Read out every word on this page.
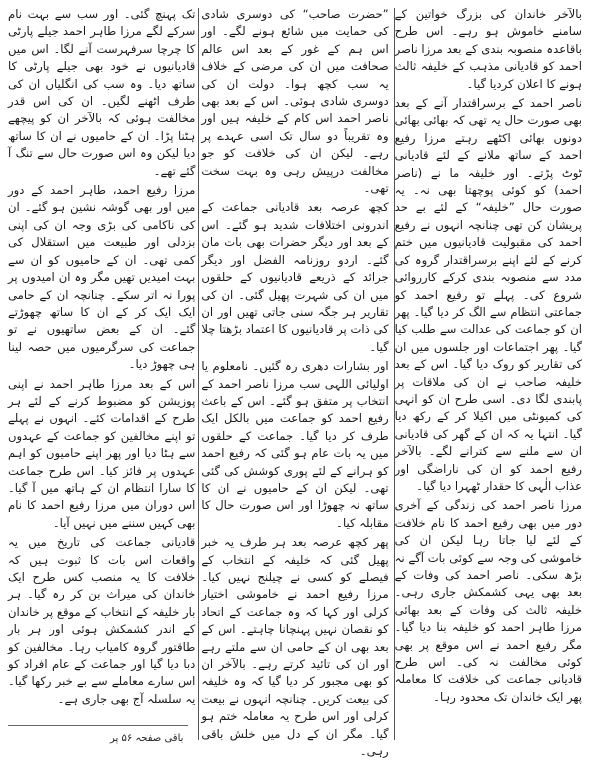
بالآخر خاندان کی بزرگ خواتین کے سامنے خاموش ہو رہے۔ اس طرح باقاعدہ منصوبہ بندی کے بعد مرزا ناصر احمد کو قادیانی مذہب کے خلیفہ ثالث ہونے کا اعلان کردیا گیا۔

ناصر احمد کے برسراقتدار آنے کے بعد بھی صورت حال یہ تھی کہ بھائی بھائی دونوں بھائی اکٹھے رہتے مرزا رفیع احمد کے ساتھ ملانے کے لئے قادیانی ٹوٹ پڑتے۔ اور خلیفہ ما نے (ناصر احمد) کو کوئی پوچھتا بھی نہ۔ یہ صورت حال ”خلیفہ“ کے لئے بے حد پریشان کن تھی چنانچہ انہوں نے رفیع احمد کی مقبولیت قادیانیوں میں ختم کرنے کے لئے اپنے برسراقتدار گروہ کی مدد سے منصوبہ بندی کرکے کارروائی شروع کی۔ پہلے تو رفیع احمد کو جماعتی انتظام سے الگ کر دیا گیا۔ پھر ان کو جماعت کی عدالت سے طلب کیا گیا۔ پھر اجتماعات اور جلسوں میں ان کی تقاریر کو روک دیا گیا۔ اس کے بعد خلیفہ صاحب نے ان کی ملاقات پر پابندی لگا دی۔ اسی طرح ان کو انہی کی کمیونٹی میں اکیلا کر کے رکھ دیا گیا۔ انتہا یہ کہ ان کے گھر کی قادیانی ان سے ملنے سے کترانے لگے۔ بالآخر رفیع احمد کو ان کی ناراضگی اور عذاب الٰہی کا حقدار ٹھہرا دیا گیا۔

مرزا ناصر احمد کی زندگی کے آخری دور میں بھی رفیع احمد کا نام خلافت کے لئے لیا جاتا رہا لیکن ان کی خاموشی کی وجہ سے کوئی بات آگے نہ بڑھ سکی۔ ناصر احمد کی وفات کے بعد بھی یہی کشمکش جاری رہی۔ خلیفہ ثالث کی وفات کے بعد بھائی مرزا طاہر احمد کو خلیفہ بنا دیا گیا۔ مگر رفیع احمد نے اس موقع پر بھی کوئی مخالفت نہ کی۔ اس طرح قادیانی جماعت کی خلافت کا معاملہ پھر ایک خاندان تک محدود رہا۔

”حضرت صاحب“ کی دوسری شادی کی حمایت میں شائع ہونے لگے۔ اور اس ہم کے غور کے بعد اس عالم صحافت میں ان کی مرضی کے خلاف یہ سب کچھ ہوا۔ دولت ان کی دوسری شادی ہوئی۔ اس کے بعد بھی ناصر احمد اس کام کے خلیفہ ہیں اور وہ تقریباً دو سال تک اسی عہدے پر رہے۔ لیکن ان کی خلافت کو جو مخالفت درپیش رہی وہ بہت سخت تھی۔

کچھ عرصہ بعد قادیانی جماعت کے اندرونی اختلافات شدید ہو گئے۔ اس کے بعد اور دیگر حضرات بھی بات مان گئے۔ اردو روزنامہ الفضل اور دیگر جرائد کے ذریعے قادیانیوں کے حلقوں میں ان کی شہرت پھیل گئی۔ ان کی تقاریر ہر جگہ سنی جاتی تھیں اور ان کی ذات پر قادیانیوں کا اعتماد بڑھتا چلا گیا۔

اور بشارات دھری رہ گئیں۔ نامعلوم یا اولیائی اللہی سب مرزا ناصر احمد کے انتخاب پر متفق ہو گئے۔ اس کے باعث رفیع احمد کو جماعت میں بالکل ایک طرف کر دیا گیا۔ جماعت کے حلقوں میں یہ بات عام ہو گئی کہ رفیع احمد کو ہرانے کے لئے پوری کوشش کی گئی تھی۔ لیکن ان کے حامیوں نے ان کا ساتھ نہ چھوڑا اور اس صورت حال کا مقابلہ کیا۔

پھر کچھ عرصہ بعد ہر طرف یہ خبر پھیل گئی کہ خلیفہ کے انتخاب کے فیصلے کو کسی نے چیلنج نہیں کیا۔ مرزا رفیع احمد نے خاموشی اختیار کرلی اور کہا کہ وہ جماعت کے اتحاد کو نقصان نہیں پہنچانا چاہتے۔ اس کے بعد بھی ان کے حامی ان سے ملتے رہے اور ان کی تائید کرتے رہے۔ بالآخر ان کو بھی مجبور کر دیا گیا کہ وہ خلیفہ کی بیعت کریں۔ چنانچہ انہوں نے بیعت کرلی اور اس طرح یہ معاملہ ختم ہو گیا۔ مگر ان کے دل میں خلش باقی رہی۔

تک پہنچ گئی۔ اور سب سے بہت نام سرکے لگے مرزا طاہر احمد جیلے پارٹی کا چرچا سرفہرست آنے لگا۔ اس میں قادیانیوں نے خود بھی جیلے پارٹی کا ساتھ دیا۔ وہ سب کی انگلیاں ان کی طرف اٹھنے لگیں۔ ان کی اس قدر مخالفت ہوئی کہ بالآخر ان کو پیچھے ہٹنا پڑا۔ ان کے حامیوں نے ان کا ساتھ دیا لیکن وہ اس صورت حال سے تنگ آ گئے تھے۔

مرزا رفیع احمد، طاہر احمد کے دور میں اور بھی گوشہ نشین ہو گئے۔ ان کی ناکامی کی بڑی وجہ ان کی اپنی بزدلی اور طبیعت میں استقلال کی کمی تھی۔ ان کے حامیوں کو ان سے بہت امیدیں تھیں مگر وہ ان امیدوں پر پورا نہ اتر سکے۔ چنانچہ ان کے حامی ایک ایک کر کے ان کا ساتھ چھوڑتے گئے۔ ان کے بعض ساتھیوں نے تو جماعت کی سرگرمیوں میں حصہ لینا ہی چھوڑ دیا۔

اس کے بعد مرزا طاہر احمد نے اپنی پوزیشن کو مضبوط کرنے کے لئے ہر طرح کے اقدامات کئے۔ انہوں نے پہلے تو اپنے مخالفین کو جماعت کے عہدوں سے ہٹا دیا اور پھر اپنے حامیوں کو اہم عہدوں پر فائز کیا۔ اس طرح جماعت کا سارا انتظام ان کے ہاتھ میں آ گیا۔ اس دوران میں مرزا رفیع احمد کا نام بھی کہیں سننے میں نہیں آیا۔

قادیانی جماعت کی تاریخ میں یہ واقعات اس بات کا ثبوت ہیں کہ خلافت کا یہ منصب کس طرح ایک خاندان کی میراث بن کر رہ گیا۔ ہر بار خلیفہ کے انتخاب کے موقع پر خاندان کے اندر کشمکش ہوئی اور ہر بار طاقتور گروہ کامیاب رہا۔ مخالفین کو دبا دیا گیا اور جماعت کے عام افراد کو اس سارے معاملے سے بے خبر رکھا گیا۔ یہ سلسلہ آج بھی جاری ہے۔

باقی صفحہ ۵۶ پر
